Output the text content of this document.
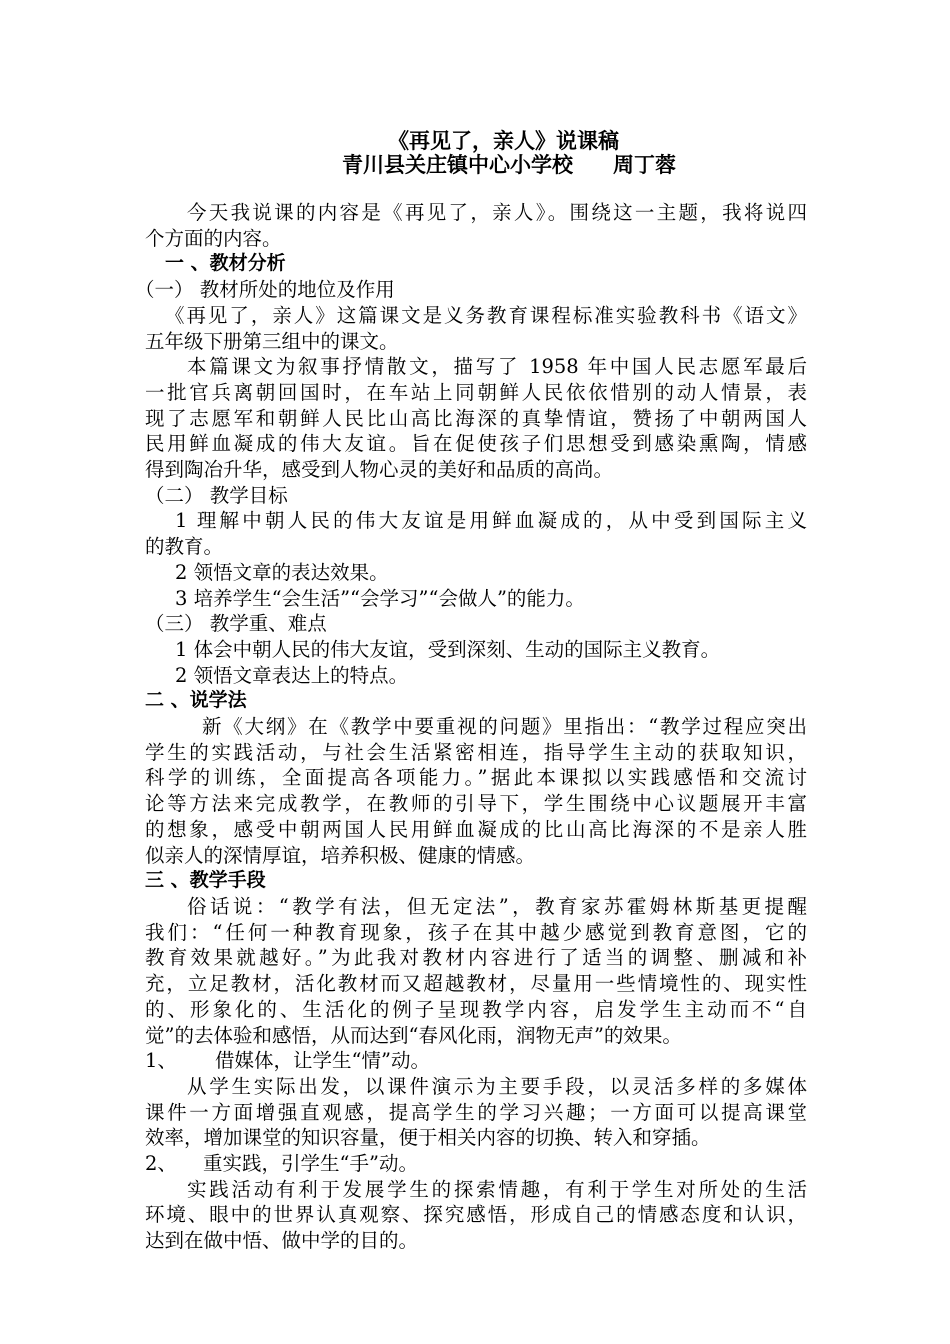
《再见了，亲人》说课稿
青川县关庄镇中心小学校 周丁蓉
今天我说课的内容是《再见了，亲人》。围绕这一主题，我将说四
个方面的内容。
一 、教材分析
（一） 教材所处的地位及作用
《再见了，亲人》这篇课文是义务教育课程标准实验教科书《语文》
五年级下册第三组中的课文。
本篇课文为叙事抒情散文，描写了 1958 年中国人民志愿军最后
一批官兵离朝回国时，在车站上同朝鲜人民依依惜别的动人情景，表
现了志愿军和朝鲜人民比山高比海深的真挚情谊，赞扬了中朝两国人
民用鲜血凝成的伟大友谊。旨在促使孩子们思想受到感染熏陶，情感
得到陶冶升华，感受到人物心灵的美好和品质的高尚。
（二） 教学目标
1 理解中朝人民的伟大友谊是用鲜血凝成的，从中受到国际主义
的教育。
2 领悟文章的表达效果。
3 培养学生“会生活”“会学习”“会做人”的能力。
（三） 教学重、难点
1 体会中朝人民的伟大友谊，受到深刻、生动的国际主义教育。
2 领悟文章表达上的特点。
二 、说学法
新《大纲》在《教学中要重视的问题》里指出：“教学过程应突出
学生的实践活动，与社会生活紧密相连，指导学生主动的获取知识，
科学的训练，全面提高各项能力。”据此本课拟以实践感悟和交流讨
论等方法来完成教学，在教师的引导下，学生围绕中心议题展开丰富
的想象，感受中朝两国人民用鲜血凝成的比山高比海深的不是亲人胜
似亲人的深情厚谊，培养积极、健康的情感。
三 、教学手段
俗话说：“教学有法，但无定法”，教育家苏霍姆林斯基更提醒
我们：“任何一种教育现象，孩子在其中越少感觉到教育意图，它的
教育效果就越好。”为此我对教材内容进行了适当的调整、删减和补
充，立足教材，活化教材而又超越教材，尽量用一些情境性的、现实性
的、形象化的、生活化的例子呈现教学内容，启发学生主动而不“自
觉”的去体验和感悟，从而达到“春风化雨，润物无声”的效果。
1、 借媒体，让学生“情”动。
从学生实际出发，以课件演示为主要手段，以灵活多样的多媒体
课件一方面增强直观感，提高学生的学习兴趣；一方面可以提高课堂
效率，增加课堂的知识容量，便于相关内容的切换、转入和穿插。
2、 重实践，引学生“手”动。
实践活动有利于发展学生的探索情趣，有利于学生对所处的生活
环境、眼中的世界认真观察、探究感悟，形成自己的情感态度和认识，
达到在做中悟、做中学的目的。
